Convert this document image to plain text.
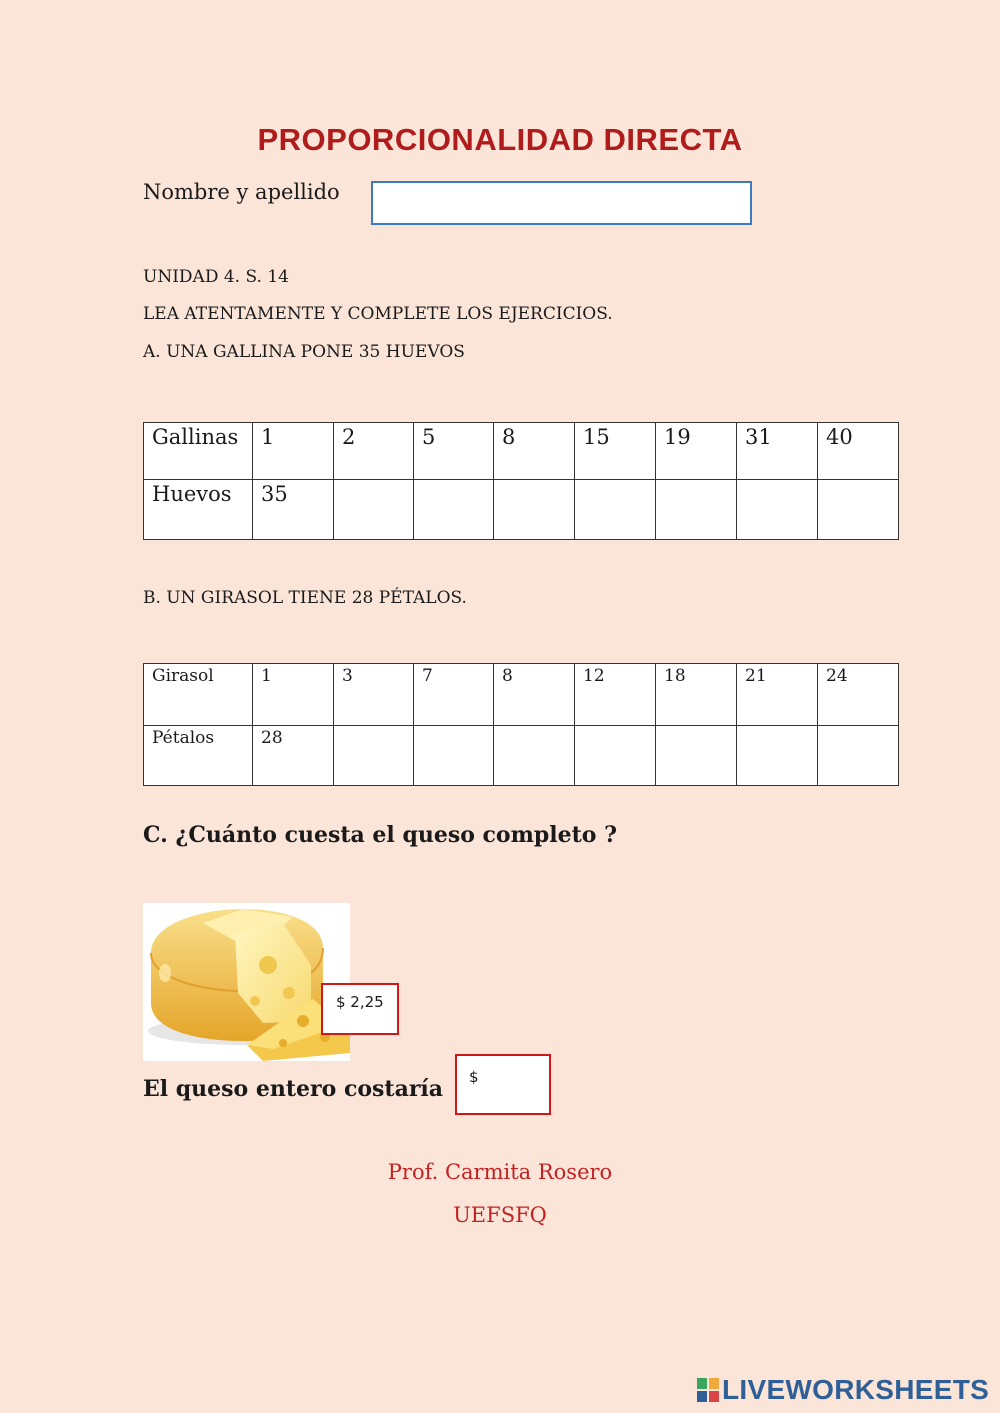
PROPORCIONALIDAD DIRECTA
Nombre y apellido
UNIDAD 4. S. 14
LEA ATENTAMENTE Y COMPLETE LOS EJERCICIOS.
A. UNA GALLINA PONE 35 HUEVOS
Gallinas	1	2	5	8	15	19	31	40
Huevos	35							
B. UN GIRASOL TIENE 28 PÉTALOS.
Girasol	1	3	7	8	12	18	21	24
Pétalos	28							
C. ¿Cuánto cuesta el queso completo ?
$ 2,25
El queso entero costaría	$
Prof. Carmita Rosero
UEFSFQ
LIVEWORKSHEETS
